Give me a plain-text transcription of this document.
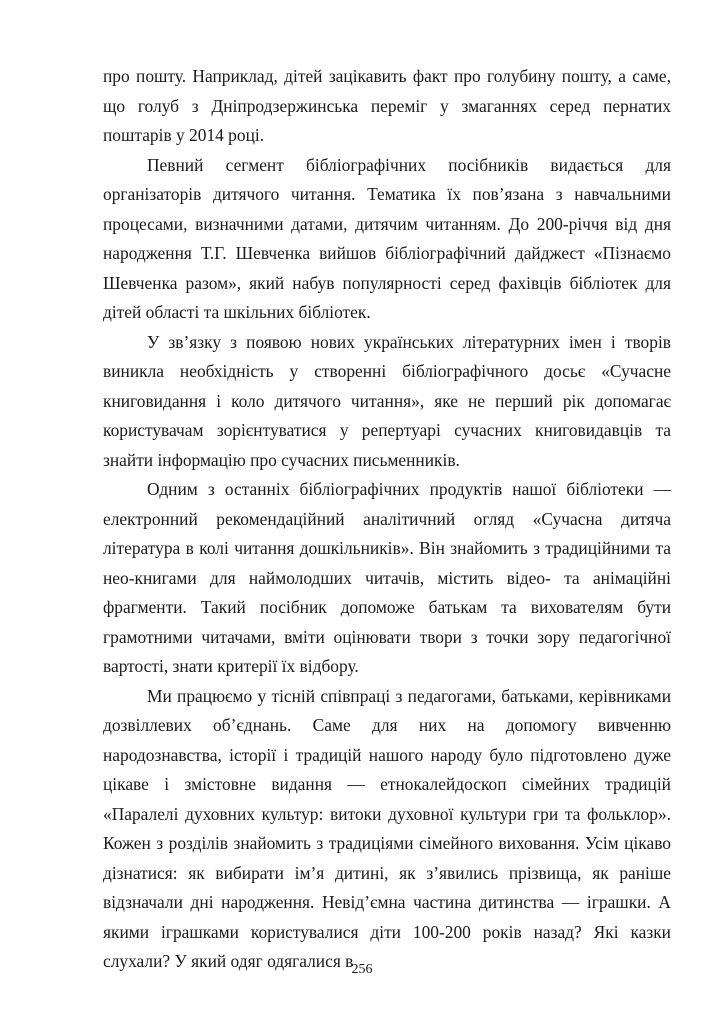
про пошту. Наприклад, дітей зацікавить факт про голубину пошту, а саме, що голуб з Дніпродзержинська переміг у змаганнях серед пернатих поштарів у 2014 році.

Певний сегмент бібліографічних посібників видається для організаторів дитячого читання. Тематика їх пов’язана з навчальними процесами, визначними датами, дитячим читанням. До 200-річчя від дня народження Т.Г. Шевченка вийшов бібліографічний дайджест «Пізнаємо Шевченка разом», який набув популярності серед фахівців бібліотек для дітей області та шкільних бібліотек.

У зв’язку з появою нових українських літературних імен і творів виникла необхідність у створенні бібліографічного досьє «Сучасне книговидання і коло дитячого читання», яке не перший рік допомагає користувачам зорієнтуватися у репертуарі сучасних книговидавців та знайти інформацію про сучасних письменників.

Одним з останніх бібліографічних продуктів нашої бібліотеки — електронний рекомендаційний аналітичний огляд «Сучасна дитяча література в колі читання дошкільників». Він знайомить з традиційними та нео-книгами для наймолодших читачів, містить відео- та анімаційні фрагменти. Такий посібник допоможе батькам та вихователям бути грамотними читачами, вміти оцінювати твори з точки зору педагогічної вартості, знати критерії їх відбору.

Ми працюємо у тісній співпраці з педагогами, батьками, керівниками дозвіллевих об’єднань. Саме для них на допомогу вивченню народознавства, історії і традицій нашого народу було підготовлено дуже цікаве і змістовне видання — етнокалейдоскоп сімейних традицій «Паралелі духовних культур: витоки духовної культури гри та фольклор». Кожен з розділів знайомить з традиціями сімейного виховання. Усім цікаво дізнатися: як вибирати ім’я дитині, як з’явились прізвища, як раніше відзначали дні народження. Невід’ємна частина дитинства — іграшки. А якими іграшками користувалися діти 100-200 років назад? Які казки слухали? У який одяг одягалися в

256
